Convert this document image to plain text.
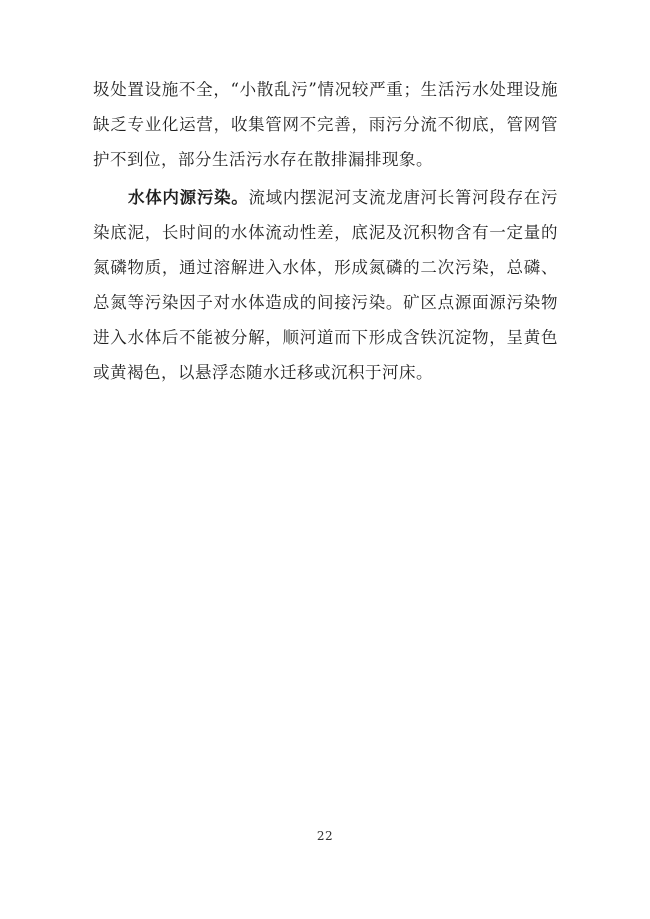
圾处置设施不全，“小散乱污”情况较严重；生活污水处理设施缺乏专业化运营，收集管网不完善，雨污分流不彻底，管网管护不到位，部分生活污水存在散排漏排现象。

水体内源污染。流域内摆泥河支流龙唐河长箐河段存在污染底泥，长时间的水体流动性差，底泥及沉积物含有一定量的氮磷物质，通过溶解进入水体，形成氮磷的二次污染，总磷、总氮等污染因子对水体造成的间接污染。矿区点源面源污染物进入水体后不能被分解，顺河道而下形成含铁沉淀物，呈黄色或黄褐色，以悬浮态随水迁移或沉积于河床。

22
